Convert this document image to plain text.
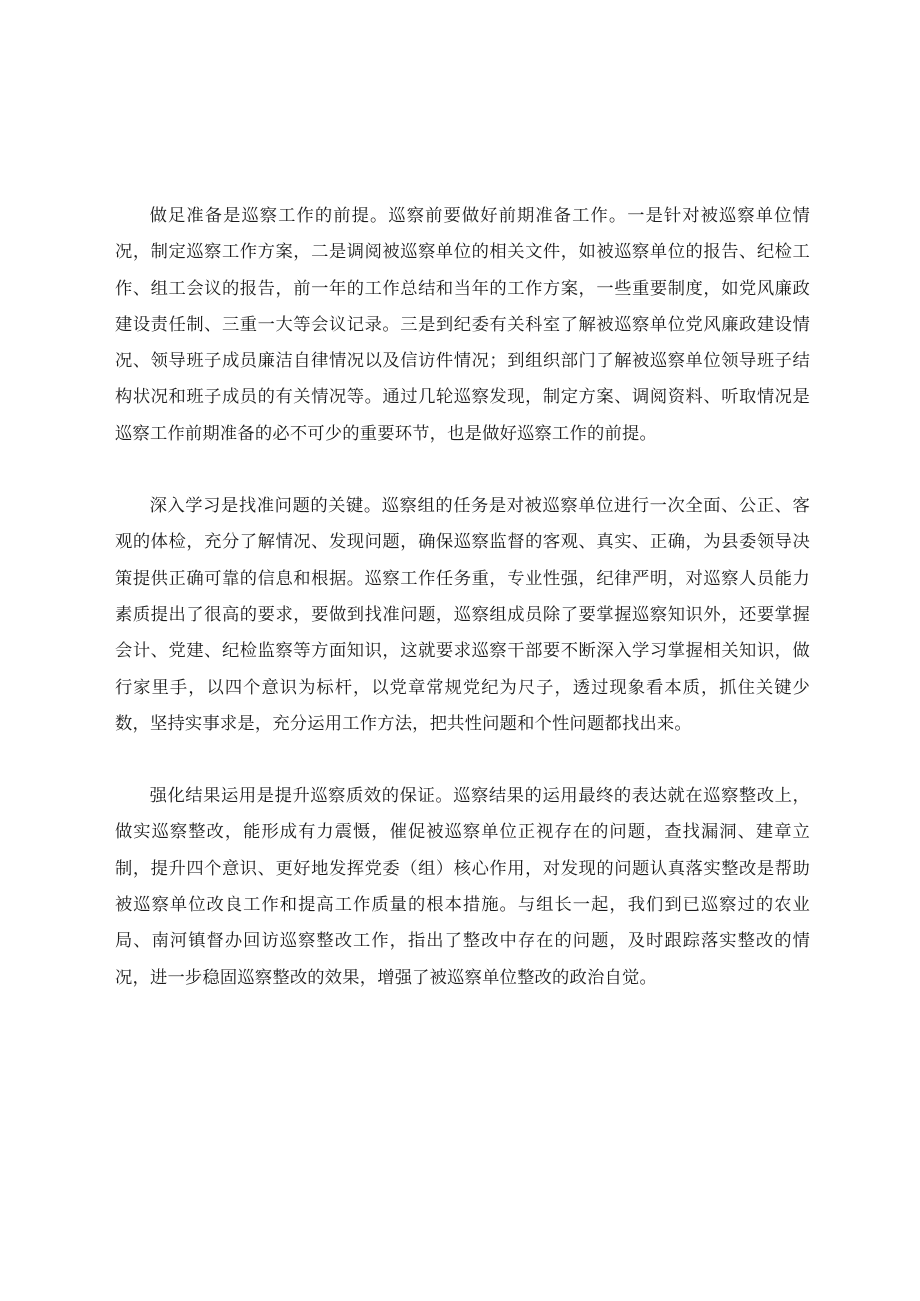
做足准备是巡察工作的前提。巡察前要做好前期准备工作。一是针对被巡察单位情况，制定巡察工作方案，二是调阅被巡察单位的相关文件，如被巡察单位的报告、纪检工作、组工会议的报告，前一年的工作总结和当年的工作方案，一些重要制度，如党风廉政建设责任制、三重一大等会议记录。三是到纪委有关科室了解被巡察单位党风廉政建设情况、领导班子成员廉洁自律情况以及信访件情况；到组织部门了解被巡察单位领导班子结构状况和班子成员的有关情况等。通过几轮巡察发现，制定方案、调阅资料、听取情况是巡察工作前期准备的必不可少的重要环节，也是做好巡察工作的前提。

深入学习是找准问题的关键。巡察组的任务是对被巡察单位进行一次全面、公正、客观的体检，充分了解情况、发现问题，确保巡察监督的客观、真实、正确，为县委领导决策提供正确可靠的信息和根据。巡察工作任务重，专业性强，纪律严明，对巡察人员能力素质提出了很高的要求，要做到找准问题，巡察组成员除了要掌握巡察知识外，还要掌握会计、党建、纪检监察等方面知识，这就要求巡察干部要不断深入学习掌握相关知识，做行家里手，以四个意识为标杆，以党章常规党纪为尺子，透过现象看本质，抓住关键少数，坚持实事求是，充分运用工作方法，把共性问题和个性问题都找出来。

强化结果运用是提升巡察质效的保证。巡察结果的运用最终的表达就在巡察整改上，做实巡察整改，能形成有力震慑，催促被巡察单位正视存在的问题，查找漏洞、建章立制，提升四个意识、更好地发挥党委（组）核心作用，对发现的问题认真落实整改是帮助被巡察单位改良工作和提高工作质量的根本措施。与组长一起，我们到已巡察过的农业局、南河镇督办回访巡察整改工作，指出了整改中存在的问题，及时跟踪落实整改的情况，进一步稳固巡察整改的效果，增强了被巡察单位整改的政治自觉。
